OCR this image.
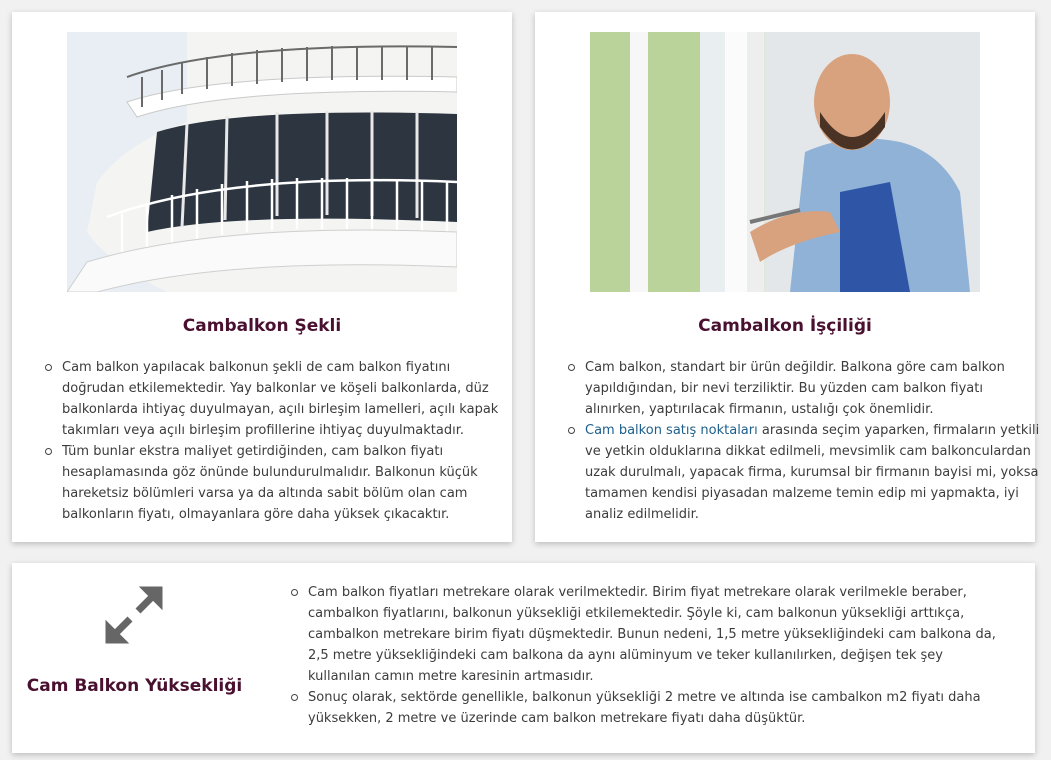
Cambalkon Şekli
Cam balkon yapılacak balkonun şekli de cam balkon fiyatını doğrudan etkilemektedir. Yay balkonlar ve köşeli balkonlarda, düz balkonlarda ihtiyaç duyulmayan, açılı birleşim lamelleri, açılı kapak takımları veya açılı birleşim profillerine ihtiyaç duyulmaktadır.
Tüm bunlar ekstra maliyet getirdiğinden, cam balkon fiyatı hesaplamasında göz önünde bulundurulmalıdır. Balkonun küçük hareketsiz bölümleri varsa ya da altında sabit bölüm olan cam balkonların fiyatı, olmayanlara göre daha yüksek çıkacaktır.
Cambalkon İşçiliği
Cam balkon, standart bir ürün değildir. Balkona göre cam balkon yapıldığından, bir nevi terziliktir. Bu yüzden cam balkon fiyatı alınırken, yaptırılacak firmanın, ustalığı çok önemlidir.
Cam balkon satış noktaları arasında seçim yaparken, firmaların yetkili ve yetkin olduklarına dikkat edilmeli, mevsimlik cam balkonculardan uzak durulmalı, yapacak firma, kurumsal bir firmanın bayisi mi, yoksa tamamen kendisi piyasadan malzeme temin edip mi yapmakta, iyi analiz edilmelidir.
Cam Balkon Yüksekliği
Cam balkon fiyatları metrekare olarak verilmektedir. Birim fiyat metrekare olarak verilmekle beraber, cambalkon fiyatlarını, balkonun yüksekliği etkilemektedir. Şöyle ki, cam balkonun yüksekliği arttıkça, cambalkon metrekare birim fiyatı düşmektedir. Bunun nedeni, 1,5 metre yüksekliğindeki cam balkona da, 2,5 metre yüksekliğindeki cam balkona da aynı alüminyum ve teker kullanılırken, değişen tek şey kullanılan camın metre karesinin artmasıdır.
Sonuç olarak, sektörde genellikle, balkonun yüksekliği 2 metre ve altında ise cambalkon m2 fiyatı daha yüksekken, 2 metre ve üzerinde cam balkon metrekare fiyatı daha düşüktür.
